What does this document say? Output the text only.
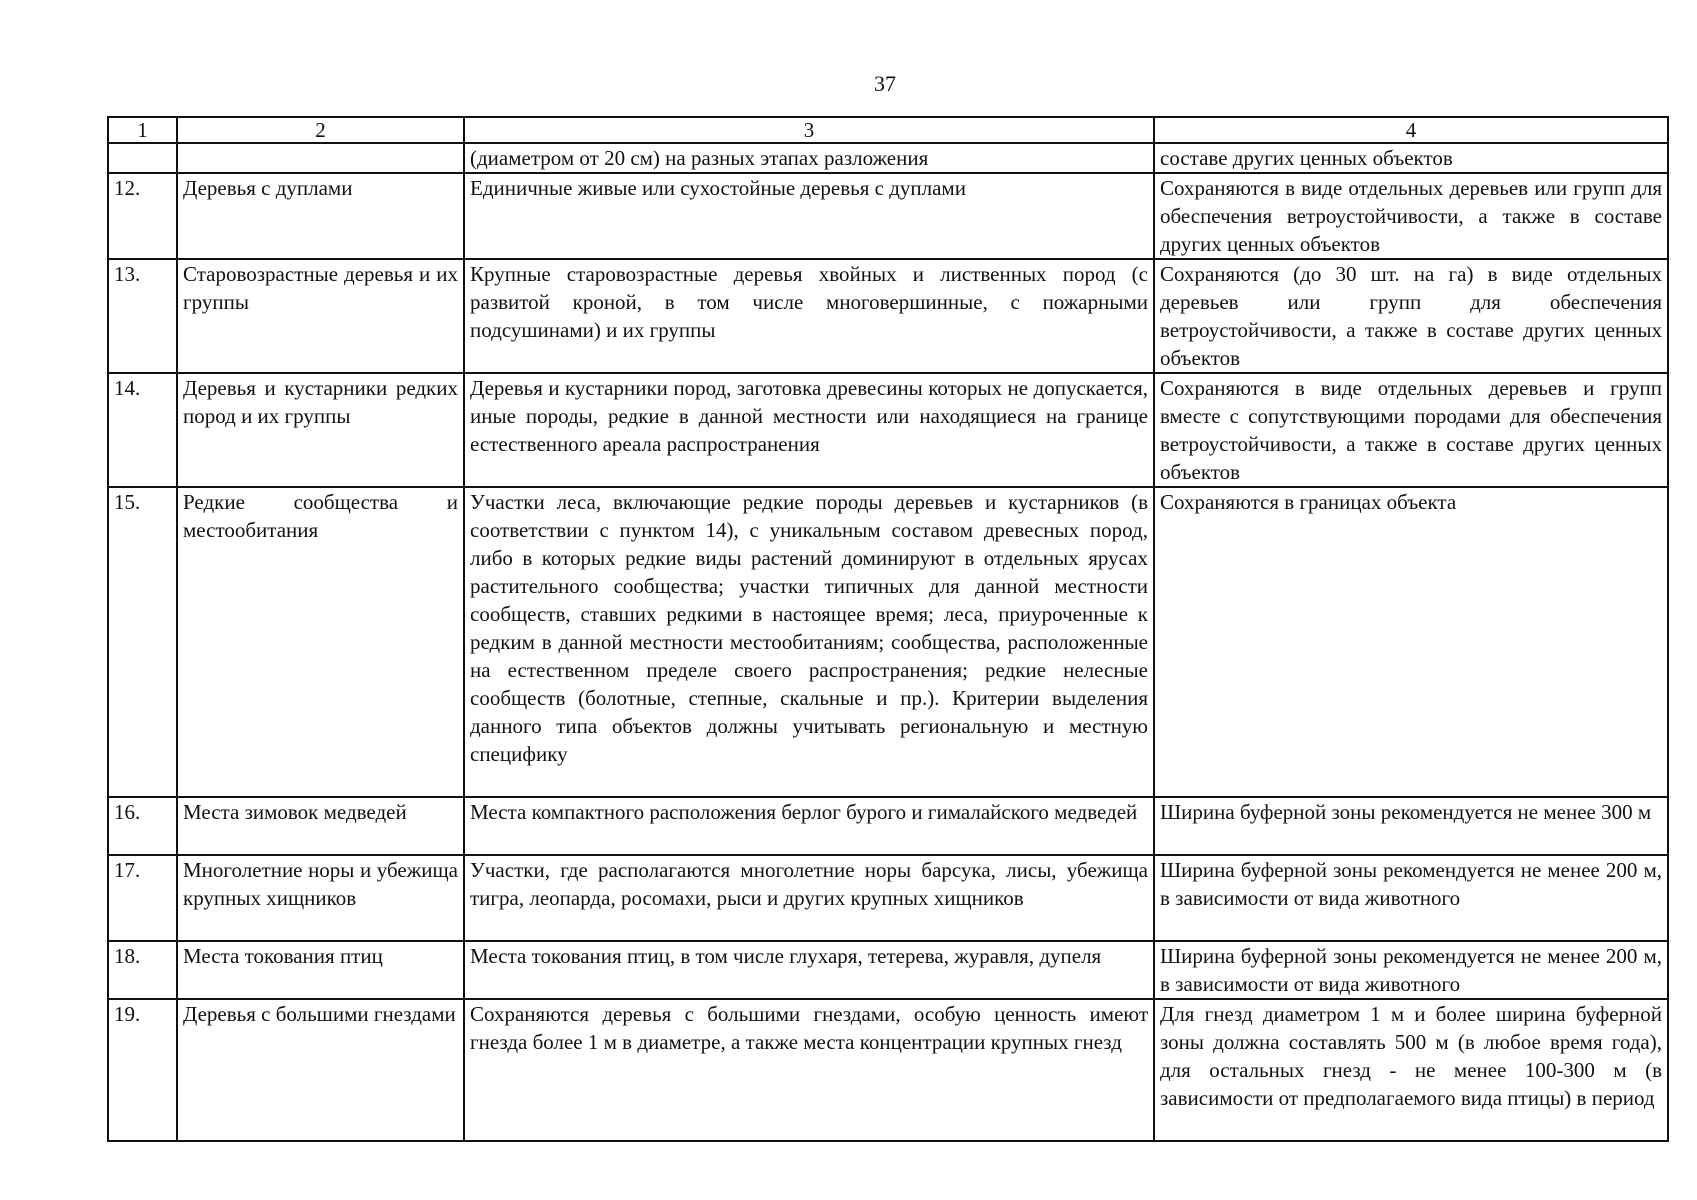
37
1	2	3	4
		(диаметром от 20 см) на разных этапах разложения	составе других ценных объектов
12.	Деревья с дуплами	Единичные живые или сухостойные деревья с дуплами	Сохраняются в виде отдельных деревьев или групп для обеспечения ветроустойчивости, а также в составе других ценных объектов
13.	Старовозрастные деревья и их группы	Крупные старовозрастные деревья хвойных и лиственных пород (с развитой кроной, в том числе многовершинные, с пожарными подсушинами) и их группы	Сохраняются (до 30 шт. на га) в виде отдельных деревьев или групп для обеспечения ветроустойчивости, а также в составе других ценных объектов
14.	Деревья и кустарники редких пород и их группы	Деревья и кустарники пород, заготовка древесины которых не допускается, иные породы, редкие в данной местности или находящиеся на границе естественного ареала распространения	Сохраняются в виде отдельных деревьев и групп вместе с сопутствующими породами для обеспечения ветроустойчивости, а также в составе других ценных объектов
15.	Редкие сообщества и местообитания	Участки леса, включающие редкие породы деревьев и кустарников (в соответствии с пунктом 14), с уникальным составом древесных пород, либо в которых редкие виды растений доминируют в отдельных ярусах растительного сообщества; участки типичных для данной местности сообществ, ставших редкими в настоящее время; леса, приуроченные к редким в данной местности местообитаниям; сообщества, расположенные на естественном пределе своего распространения; редкие нелесные сообществ (болотные, степные, скальные и пр.). Критерии выделения данного типа объектов должны учитывать региональную и местную специфику	Сохраняются в границах объекта
16.	Места зимовок медведей	Места компактного расположения берлог бурого и гималайского медведей	Ширина буферной зоны рекомендуется не менее 300 м
17.	Многолетние норы и убежища крупных хищников	Участки, где располагаются многолетние норы барсука, лисы, убежища тигра, леопарда, росомахи, рыси и других крупных хищников	Ширина буферной зоны рекомендуется не менее 200 м, в зависимости от вида животного
18.	Места токования птиц	Места токования птиц, в том числе глухаря, тетерева, журавля, дупеля	Ширина буферной зоны рекомендуется не менее 200 м, в зависимости от вида животного
19.	Деревья с большими гнездами	Сохраняются деревья с большими гнездами, особую ценность имеют гнезда более 1 м в диаметре, а также места концентрации крупных гнезд	Для гнезд диаметром 1 м и более ширина буферной зоны должна составлять 500 м (в любое время года), для остальных гнезд - не менее 100-300 м (в зависимости от предполагаемого вида птицы) в период
